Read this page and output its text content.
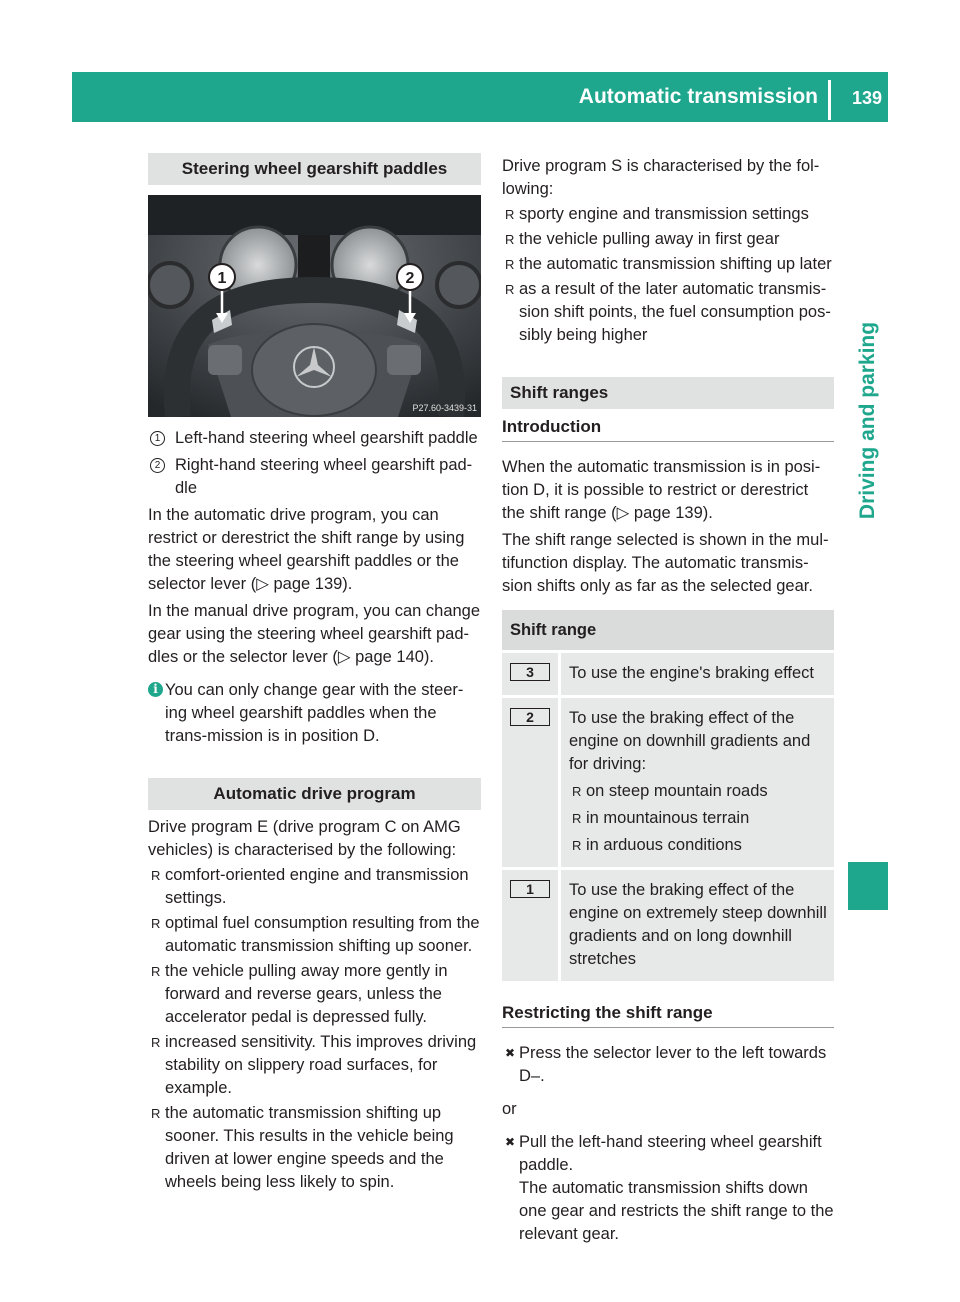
Automatic transmission 139
Driving and parking
Steering wheel gearshift paddles
1	2
P27.60-3439-31
1 Left-hand steering wheel gearshift paddle
2 Right-hand steering wheel gearshift pad-dle

In the automatic drive program, you can restrict or derestrict the shift range by using the steering wheel gearshift paddles or the selector lever (▷ page 139).

In the manual drive program, you can change gear using the steering wheel gearshift pad-dles or the selector lever (▷ page 140).

i You can only change gear with the steer-ing wheel gearshift paddles when the trans-mission is in position D.
Automatic drive program

Drive program E (drive program C on AMG vehicles) is characterised by the following:

R comfort-oriented engine and transmission settings.
R optimal fuel consumption resulting from the automatic transmission shifting up sooner.
R the vehicle pulling away more gently in forward and reverse gears, unless the accelerator pedal is depressed fully.
R increased sensitivity. This improves driving stability on slippery road surfaces, for example.
R the automatic transmission shifting up sooner. This results in the vehicle being driven at lower engine speeds and the wheels being less likely to spin.

Drive program S is characterised by the fol-lowing:

R sporty engine and transmission settings
R the vehicle pulling away in first gear
R the automatic transmission shifting up later
R as a result of the later automatic transmis-sion shift points, the fuel consumption pos-sibly being higher
Shift ranges
Introduction

When the automatic transmission is in posi-tion D, it is possible to restrict or derestrict the shift range (▷ page 139).

The shift range selected is shown in the mul-tifunction display. The automatic transmis-sion shifts only as far as the selected gear.

Shift range
3	To use the engine's braking effect
2	To use the braking effect of the engine on downhill gradients and for driving:
R on steep mountain roads
R in mountainous terrain
R in arduous conditions
1	To use the braking effect of the engine on extremely steep downhill gradients and on long downhill stretches
Restricting the shift range
✖ Press the selector lever to the left towards D–.

or

✖ Pull the left-hand steering wheel gearshift paddle.
The automatic transmission shifts down one gear and restricts the shift range to the relevant gear.
